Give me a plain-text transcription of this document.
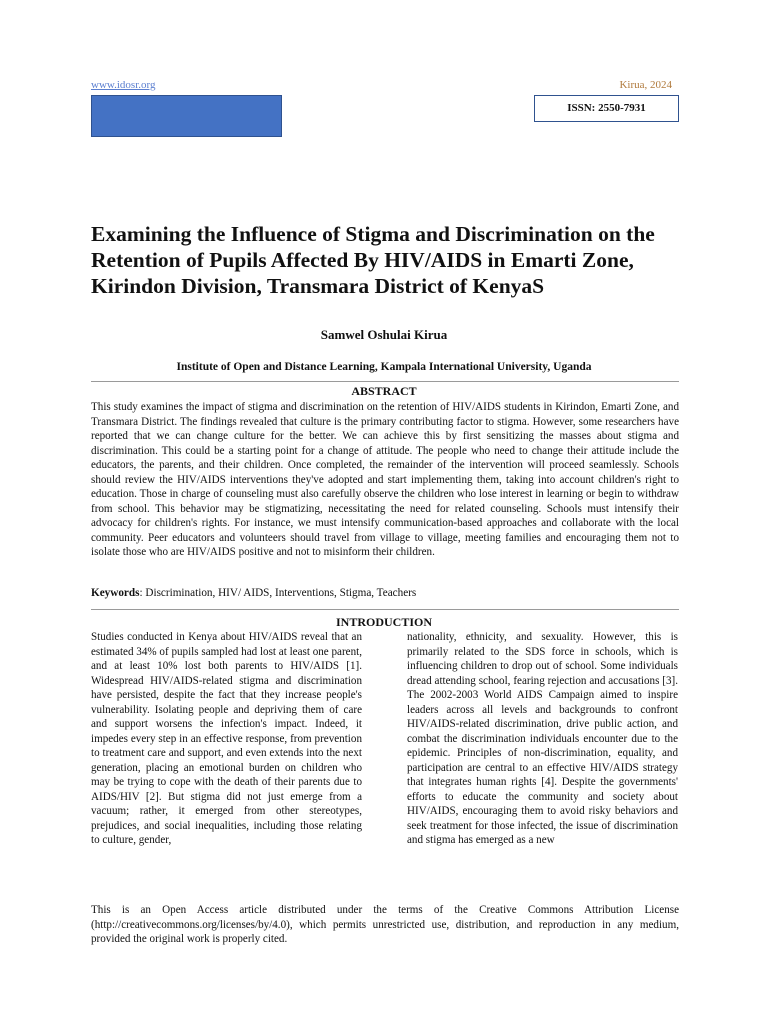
www.idosr.org	Kirua, 2024
ISSN: 2550-7931
Examining the Influence of Stigma and Discrimination on the Retention of Pupils Affected By HIV/AIDS in Emarti Zone, Kirindon Division, Transmara District of KenyaS
Samwel Oshulai Kirua
Institute of Open and Distance Learning, Kampala International University, Uganda
ABSTRACT

This study examines the impact of stigma and discrimination on the retention of HIV/AIDS students in Kirindon, Emarti Zone, and Transmara District. The findings revealed that culture is the primary contributing factor to stigma. However, some researchers have reported that we can change culture for the better. We can achieve this by first sensitizing the masses about stigma and discrimination. This could be a starting point for a change of attitude. The people who need to change their attitude include the educators, the parents, and their children. Once completed, the remainder of the intervention will proceed seamlessly. Schools should review the HIV/AIDS interventions they've adopted and start implementing them, taking into account children's right to education. Those in charge of counseling must also carefully observe the children who lose interest in learning or begin to withdraw from school. This behavior may be stigmatizing, necessitating the need for related counseling. Schools must intensify their advocacy for children's rights. For instance, we must intensify communication-based approaches and collaborate with the local community. Peer educators and volunteers should travel from village to village, meeting families and encouraging them not to isolate those who are HIV/AIDS positive and not to misinform their children.

Keywords: Discrimination, HIV/ AIDS, Interventions, Stigma, Teachers
INTRODUCTION

Studies conducted in Kenya about HIV/AIDS reveal that an estimated 34% of pupils sampled had lost at least one parent, and at least 10% lost both parents to HIV/AIDS [1]. Widespread HIV/AIDS-related stigma and discrimination have persisted, despite the fact that they increase people's vulnerability. Isolating people and depriving them of care and support worsens the infection's impact. Indeed, it impedes every step in an effective response, from prevention to treatment care and support, and even extends into the next generation, placing an emotional burden on children who may be trying to cope with the death of their parents due to AIDS/HIV [2]. But stigma did not just emerge from a vacuum; rather, it emerged from other stereotypes, prejudices, and social inequalities, including those relating to culture, gender,

nationality, ethnicity, and sexuality. However, this is primarily related to the SDS force in schools, which is influencing children to drop out of school. Some individuals dread attending school, fearing rejection and accusations [3]. The 2002-2003 World AIDS Campaign aimed to inspire leaders across all levels and backgrounds to confront HIV/AIDS-related discrimination, drive public action, and combat the discrimination individuals encounter due to the epidemic. Principles of non-discrimination, equality, and participation are central to an effective HIV/AIDS strategy that integrates human rights [4]. Despite the governments' efforts to educate the community and society about HIV/AIDS, encouraging them to avoid risky behaviors and seek treatment for those infected, the issue of discrimination and stigma has emerged as a new

This is an Open Access article distributed under the terms of the Creative Commons Attribution License (http://creativecommons.org/licenses/by/4.0), which permits unrestricted use, distribution, and reproduction in any medium, provided the original work is properly cited.
